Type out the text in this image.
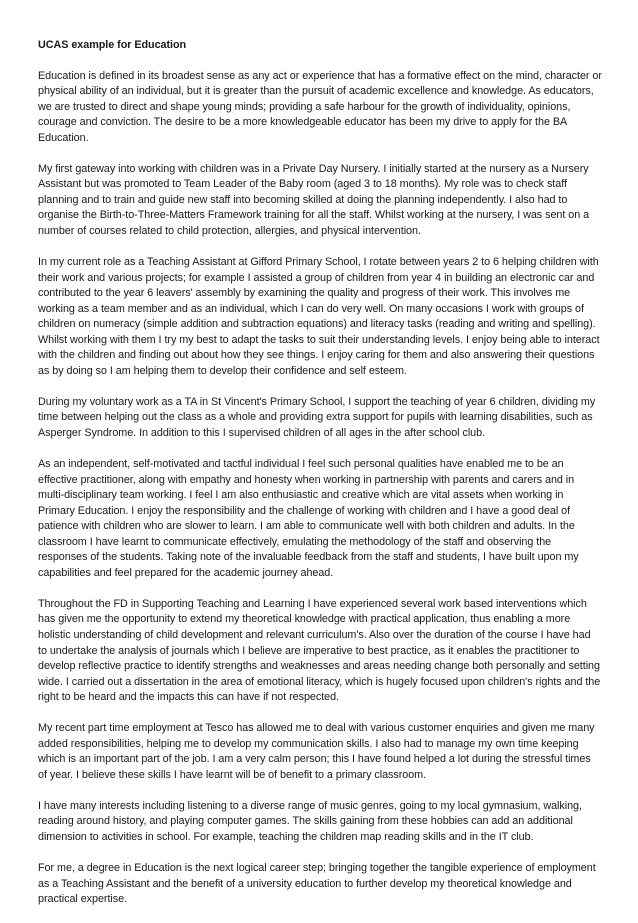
UCAS example for Education

Education is defined in its broadest sense as any act or experience that has a formative effect on the mind, character or physical ability of an individual, but it is greater than the pursuit of academic excellence and knowledge. As educators, we are trusted to direct and shape young minds; providing a safe harbour for the growth of individuality, opinions, courage and conviction. The desire to be a more knowledgeable educator has been my drive to apply for the BA Education.

My first gateway into working with children was in a Private Day Nursery. I initially started at the nursery as a Nursery Assistant but was promoted to Team Leader of the Baby room (aged 3 to 18 months). My role was to check staff planning and to train and guide new staff into becoming skilled at doing the planning independently. I also had to organise the Birth-to-Three-Matters Framework training for all the staff. Whilst working at the nursery, I was sent on a number of courses related to child protection, allergies, and physical intervention.

In my current role as a Teaching Assistant at Gifford Primary School, I rotate between years 2 to 6 helping children with their work and various projects; for example I assisted a group of children from year 4 in building an electronic car and contributed to the year 6 leavers' assembly by examining the quality and progress of their work. This involves me working as a team member and as an individual, which I can do very well. On many occasions I work with groups of children on numeracy (simple addition and subtraction equations) and literacy tasks (reading and writing and spelling). Whilst working with them I try my best to adapt the tasks to suit their understanding levels. I enjoy being able to interact with the children and finding out about how they see things. I enjoy caring for them and also answering their questions as by doing so I am helping them to develop their confidence and self esteem.

During my voluntary work as a TA in St Vincent's Primary School, I support the teaching of year 6 children, dividing my time between helping out the class as a whole and providing extra support for pupils with learning disabilities, such as Asperger Syndrome. In addition to this I supervised children of all ages in the after school club.

As an independent, self-motivated and tactful individual I feel such personal qualities have enabled me to be an effective practitioner, along with empathy and honesty when working in partnership with parents and carers and in multi-disciplinary team working. I feel I am also enthusiastic and creative which are vital assets when working in Primary Education. I enjoy the responsibility and the challenge of working with children and I have a good deal of patience with children who are slower to learn. I am able to communicate well with both children and adults. In the classroom I have learnt to communicate effectively, emulating the methodology of the staff and observing the responses of the students. Taking note of the invaluable feedback from the staff and students, I have built upon my capabilities and feel prepared for the academic journey ahead.

Throughout the FD in Supporting Teaching and Learning I have experienced several work based interventions which has given me the opportunity to extend my theoretical knowledge with practical application, thus enabling a more holistic understanding of child development and relevant curriculum's. Also over the duration of the course I have had to undertake the analysis of journals which I believe are imperative to best practice, as it enables the practitioner to develop reflective practice to identify strengths and weaknesses and areas needing change both personally and setting wide. I carried out a dissertation in the area of emotional literacy, which is hugely focused upon children's rights and the right to be heard and the impacts this can have if not respected.

My recent part time employment at Tesco has allowed me to deal with various customer enquiries and given me many added responsibilities, helping me to develop my communication skills. I also had to manage my own time keeping which is an important part of the job. I am a very calm person; this I have found helped a lot during the stressful times of year. I believe these skills I have learnt will be of benefit to a primary classroom.

I have many interests including listening to a diverse range of music genres, going to my local gymnasium, walking, reading around history, and playing computer games. The skills gaining from these hobbies can add an additional dimension to activities in school. For example, teaching the children map reading skills and in the IT club.

For me, a degree in Education is the next logical career step; bringing together the tangible experience of employment as a Teaching Assistant and the benefit of a university education to further develop my theoretical knowledge and practical expertise.
